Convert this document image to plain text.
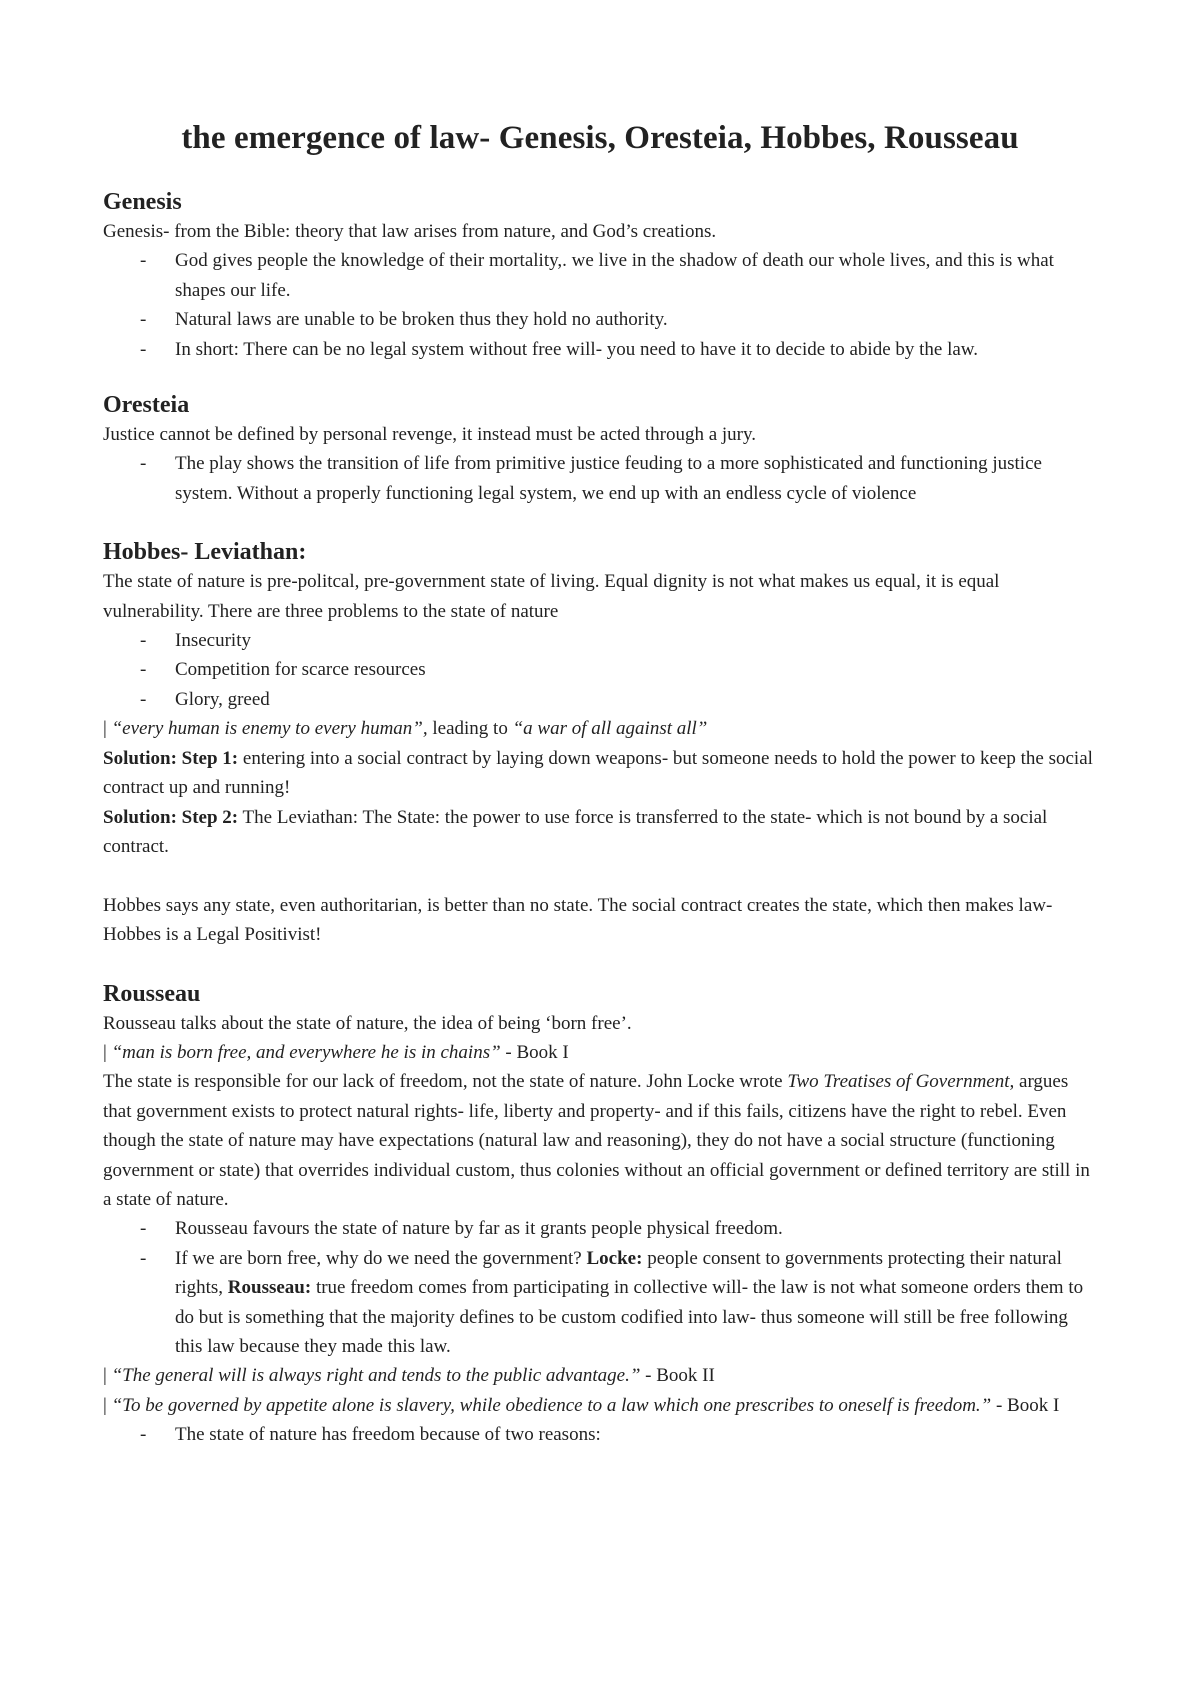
the emergence of law- Genesis, Oresteia, Hobbes, Rousseau
Genesis

Genesis- from the Bible: theory that law arises from nature, and God’s creations.

- God gives people the knowledge of their mortality,. we live in the shadow of death our whole lives, and this is what shapes our life.
- Natural laws are unable to be broken thus they hold no authority.
- In short: There can be no legal system without free will- you need to have it to decide to abide by the law.
Oresteia

Justice cannot be defined by personal revenge, it instead must be acted through a jury.

- The play shows the transition of life from primitive justice feuding to a more sophisticated and functioning justice system. Without a properly functioning legal system, we end up with an endless cycle of violence
Hobbes- Leviathan:

The state of nature is pre-politcal, pre-government state of living. Equal dignity is not what makes us equal, it is equal vulnerability. There are three problems to the state of nature

- Insecurity
- Competition for scarce resources
- Glory, greed

| “every human is enemy to every human”, leading to “a war of all against all”

Solution: Step 1: entering into a social contract by laying down weapons- but someone needs to hold the power to keep the social contract up and running!

Solution: Step 2: The Leviathan: The State: the power to use force is transferred to the state- which is not bound by a social contract.

Hobbes says any state, even authoritarian, is better than no state. The social contract creates the state, which then makes law- Hobbes is a Legal Positivist!

Rousseau

Rousseau talks about the state of nature, the idea of being ‘born free’.

| “man is born free, and everywhere he is in chains” - Book I

The state is responsible for our lack of freedom, not the state of nature. John Locke wrote Two Treatises of Government, argues that government exists to protect natural rights- life, liberty and property- and if this fails, citizens have the right to rebel. Even though the state of nature may have expectations (natural law and reasoning), they do not have a social structure (functioning government or state) that overrides individual custom, thus colonies without an official government or defined territory are still in a state of nature.

- Rousseau favours the state of nature by far as it grants people physical freedom.
- If we are born free, why do we need the government? Locke: people consent to governments protecting their natural rights, Rousseau: true freedom comes from participating in collective will- the law is not what someone orders them to do but is something that the majority defines to be custom codified into law- thus someone will still be free following this law because they made this law.

| “The general will is always right and tends to the public advantage.” - Book II

| “To be governed by appetite alone is slavery, while obedience to a law which one prescribes to oneself is freedom.” - Book I

- The state of nature has freedom because of two reasons:
